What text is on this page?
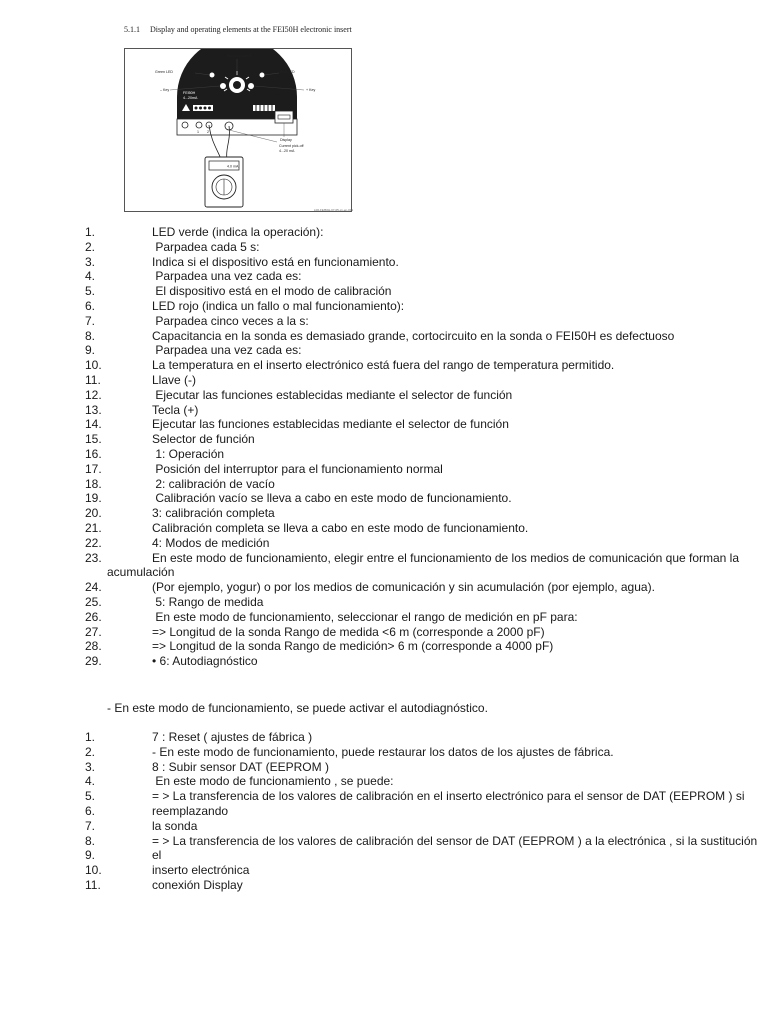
5.1.1 Display and operating elements at the FEI50H electronic insert
FEI50H
4...20mA
1 2
4.0 mA
Function switch
Green LED	Red LED
– Key	+ Key
Display
Current pick-off
4...20 mA
L00-FEI50H-07-05-xx-en-001
1.	LED verde (indica la operación):
2.	Parpadea cada 5 s:
3.	Indica si el dispositivo está en funcionamiento.
4.	Parpadea una vez cada es:
5.	El dispositivo está en el modo de calibración
6.	LED rojo (indica un fallo o mal funcionamiento):
7.	Parpadea cinco veces a la s:
8.	Capacitancia en la sonda es demasiado grande, cortocircuito en la sonda o FEI50H es defectuoso
9.	Parpadea una vez cada es:
10.	La temperatura en el inserto electrónico está fuera del rango de temperatura permitido.
11.	Llave (-)
12.	Ejecutar las funciones establecidas mediante el selector de función
13.	Tecla (+)
14.	Ejecutar las funciones establecidas mediante el selector de función
15.	Selector de función
16.	1: Operación
17.	Posición del interruptor para el funcionamiento normal
18.	2: calibración de vacío
19.	Calibración vacío se lleva a cabo en este modo de funcionamiento.
20.	3: calibración completa
21.	Calibración completa se lleva a cabo en este modo de funcionamiento.
22.	4: Modos de medición
23.	En este modo de funcionamiento, elegir entre el funcionamiento de los medios de comunicación que forman la acumulación
24.	(Por ejemplo, yogur) o por los medios de comunicación y sin acumulación (por ejemplo, agua).
25.	5: Rango de medida
26.	En este modo de funcionamiento, seleccionar el rango de medición en pF para:
27.	=> Longitud de la sonda Rango de medida <6 m (corresponde a 2000 pF)
28.	=> Longitud de la sonda Rango de medición> 6 m (corresponde a 4000 pF)
29.	• 6: Autodiagnóstico
- En este modo de funcionamiento, se puede activar el autodiagnóstico.
1.	7 : Reset ( ajustes de fábrica )
2.	- En este modo de funcionamiento, puede restaurar los datos de los ajustes de fábrica.
3.	8 : Subir sensor DAT (EEPROM )
4.	En este modo de funcionamiento , se puede:
5.	= > La transferencia de los valores de calibración en el inserto electrónico para el sensor de DAT (EEPROM ) si
6.	reemplazando
7.	la sonda
8.	= > La transferencia de los valores de calibración del sensor de DAT (EEPROM ) a la electrónica , si la sustitución
9.	el
10.	inserto electrónica
11.	conexión Display
